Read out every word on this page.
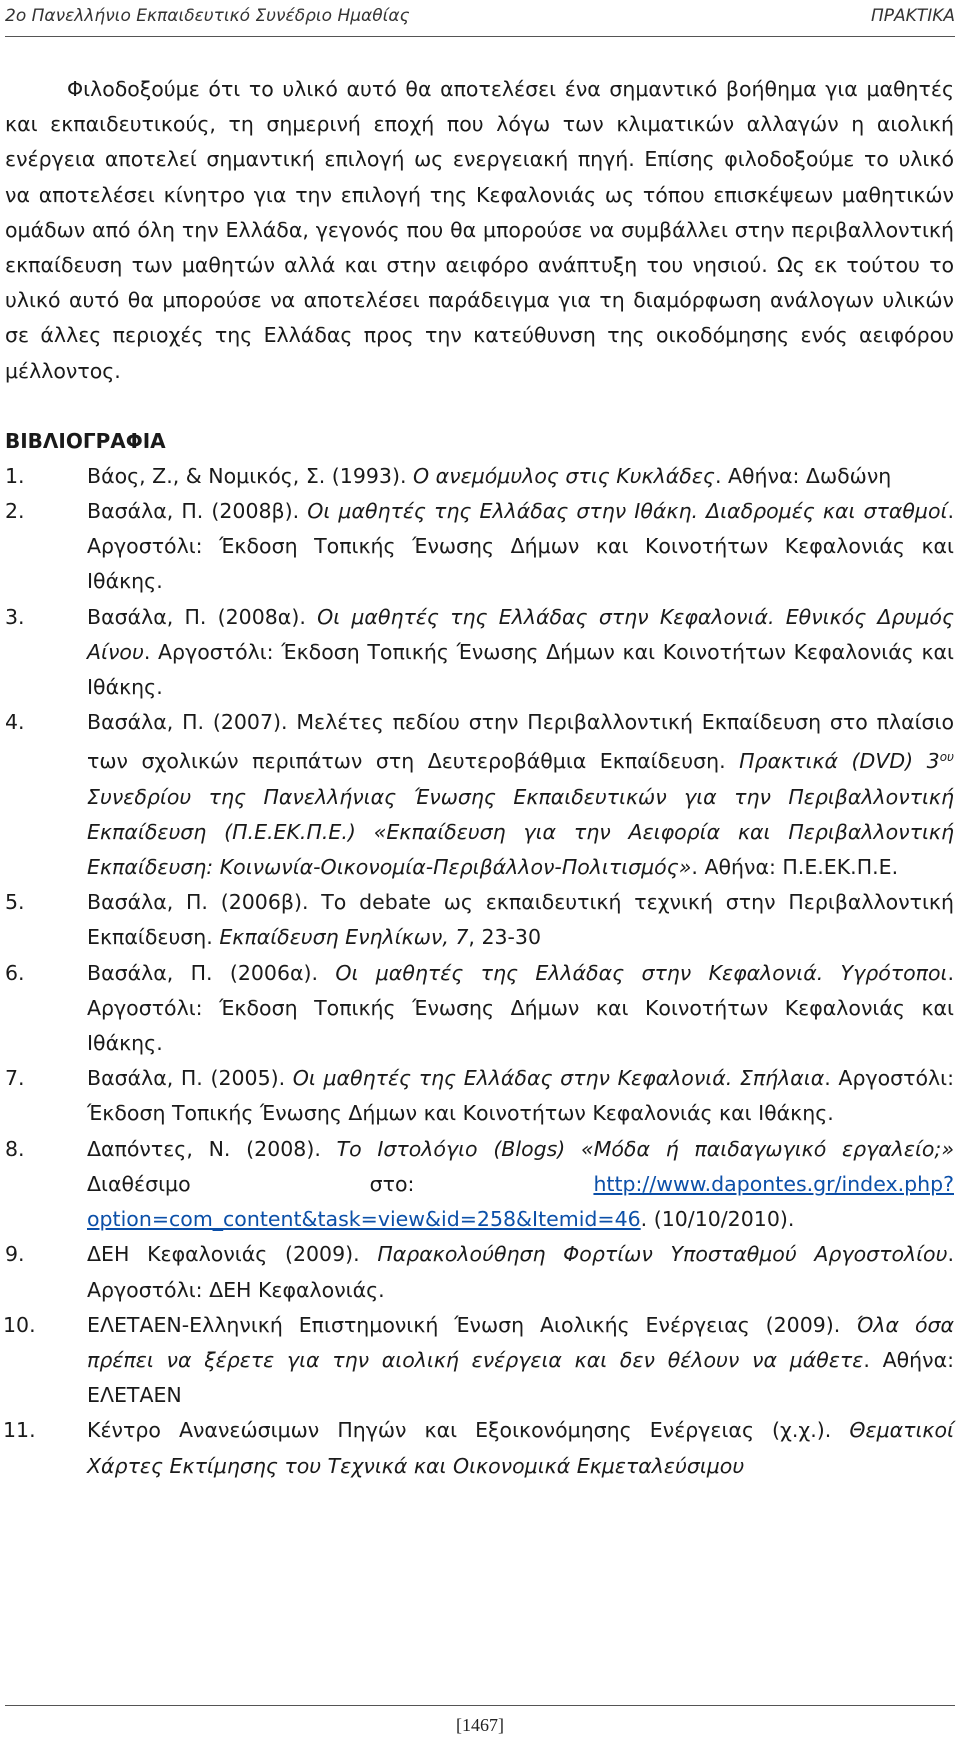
2ο Πανελλήνιο Εκπαιδευτικό Συνέδριο Ημαθίας	ΠΡΑΚΤΙΚΑ

Φιλοδοξούμε ότι το υλικό αυτό θα αποτελέσει ένα σημαντικό βοήθημα για μαθητές και εκπαιδευτικούς, τη σημερινή εποχή που λόγω των κλιματικών αλλαγών η αιολική ενέργεια αποτελεί σημαντική επιλογή ως ενεργειακή πηγή. Επίσης φιλοδοξούμε το υλικό να αποτελέσει κίνητρο για την επιλογή της Κεφαλονιάς ως τόπου επισκέψεων μαθητικών ομάδων από όλη την Ελλάδα, γεγονός που θα μπορούσε να συμβάλλει στην περιβαλλοντική εκπαίδευση των μαθητών αλλά και στην αειφόρο ανάπτυξη του νησιού. Ως εκ τούτου το υλικό αυτό θα μπορούσε να αποτελέσει παράδειγμα για τη διαμόρφωση ανάλογων υλικών σε άλλες περιοχές της Ελλάδας προς την κατεύθυνση της οικοδόμησης ενός αειφόρου μέλλοντος.

ΒΙΒΛΙΟΓΡΑΦΙΑ
1.	Βάος, Ζ., & Νομικός, Σ. (1993). Ο ανεμόμυλος στις Κυκλάδες. Αθήνα: Δωδώνη
2.	Βασάλα, Π. (2008β). Οι μαθητές της Ελλάδας στην Ιθάκη. Διαδρομές και σταθμοί. Αργοστόλι: Έκδοση Τοπικής Ένωσης Δήμων και Κοινοτήτων Κεφαλονιάς και Ιθάκης.
3.	Βασάλα, Π. (2008α). Οι μαθητές της Ελλάδας στην Κεφαλονιά. Εθνικός Δρυμός Αίνου. Αργοστόλι: Έκδοση Τοπικής Ένωσης Δήμων και Κοινοτήτων Κεφαλονιάς και Ιθάκης.
4.	Βασάλα, Π. (2007). Μελέτες πεδίου στην Περιβαλλοντική Εκπαίδευση στο πλαίσιο των σχολικών περιπάτων στη Δευτεροβάθμια Εκπαίδευση. Πρακτικά (DVD) $3^{o\upsilon}$ Συνεδρίου της Πανελλήνιας Ένωσης Εκπαιδευτικών για την Περιβαλλοντική Εκπαίδευση (Π.Ε.ΕΚ.Π.Ε.) «Εκπαίδευση για την Αειφορία και Περιβαλλοντική Εκπαίδευση: Κοινωνία-Οικονομία-Περιβάλλον-Πολιτισμός». Αθήνα: Π.Ε.ΕΚ.Π.Ε.
5.	Βασάλα, Π. (2006β). Το debate ως εκπαιδευτική τεχνική στην Περιβαλλοντική Εκπαίδευση. Εκπαίδευση Ενηλίκων, 7, 23-30
6.	Βασάλα, Π. (2006α). Οι μαθητές της Ελλάδας στην Κεφαλονιά. Υγρότοποι. Αργοστόλι: Έκδοση Τοπικής Ένωσης Δήμων και Κοινοτήτων Κεφαλονιάς και Ιθάκης.
7.	Βασάλα, Π. (2005). Οι μαθητές της Ελλάδας στην Κεφαλονιά. Σπήλαια. Αργοστόλι: Έκδοση Τοπικής Ένωσης Δήμων και Κοινοτήτων Κεφαλονιάς και Ιθάκης.
8.	Δαπόντες, Ν. (2008). Το Ιστολόγιο (Blogs) «Μόδα ή παιδαγωγικό εργαλείο;» Διαθέσιμο στο: http://www.dapontes.gr/index.php?option=com_content&task=view&id=258&Itemid=46. (10/10/2010).
9.	ΔΕΗ Κεφαλονιάς (2009). Παρακολούθηση Φορτίων Υποσταθμού Αργοστολίου. Αργοστόλι: ΔΕΗ Κεφαλονιάς.
10.	ΕΛΕΤΑΕΝ-Ελληνική Επιστημονική Ένωση Αιολικής Ενέργειας (2009). Όλα όσα πρέπει να ξέρετε για την αιολική ενέργεια και δεν θέλουν να μάθετε. Αθήνα: ΕΛΕΤΑΕΝ
11.	Κέντρο Ανανεώσιμων Πηγών και Εξοικονόμησης Ενέργειας (χ.χ.). Θεματικοί Χάρτες Εκτίμησης του Τεχνικά και Οικονομικά Εκμεταλεύσιμου
[1467]
